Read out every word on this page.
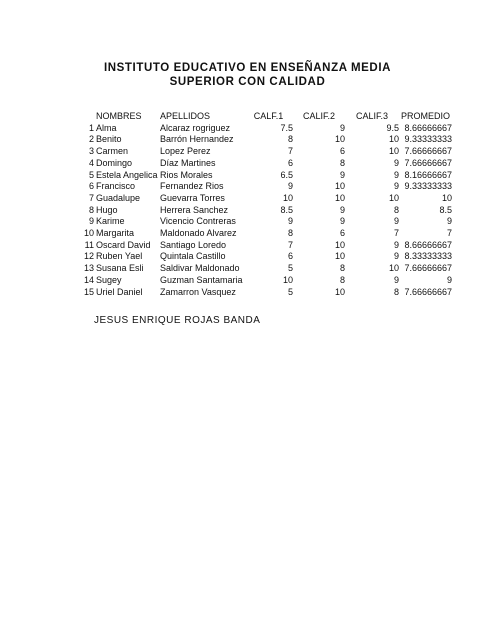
INSTITUTO EDUCATIVO EN ENSEÑANZA MEDIA
SUPERIOR CON CALIDAD
	NOMBRES	APELLIDOS	CALF.1	CALIF.2	CALIF.3	PROMEDIO
1	Alma	Alcaraz rogriguez	7.5	9	9.5	8.66666667
2	Benito	Barrón Hernandez	8	10	10	9.33333333
3	Carmen	Lopez Perez	7	6	10	7.66666667
4	Domingo	Díaz Martines	6	8	9	7.66666667
5	Estela Angelica	Rios Morales	6.5	9	9	8.16666667
6	Francisco	Fernandez Rios	9	10	9	9.33333333
7	Guadalupe	Guevarra Torres	10	10	10	10
8	Hugo	Herrera Sanchez	8.5	9	8	8.5
9	Karime	Vicencio Contreras	9	9	9	9
10	Margarita	Maldonado Alvarez	8	6	7	7
11	Oscard David	Santiago Loredo	7	10	9	8.66666667
12	Ruben Yael	Quintala Castillo	6	10	9	8.33333333
13	Susana Esli	Saldivar Maldonado	5	8	10	7.66666667
14	Sugey	Guzman Santamaria	10	8	9	9
15	Uriel Daniel	Zamarron Vasquez	5	10	8	7.66666667
JESUS ENRIQUE ROJAS BANDA
